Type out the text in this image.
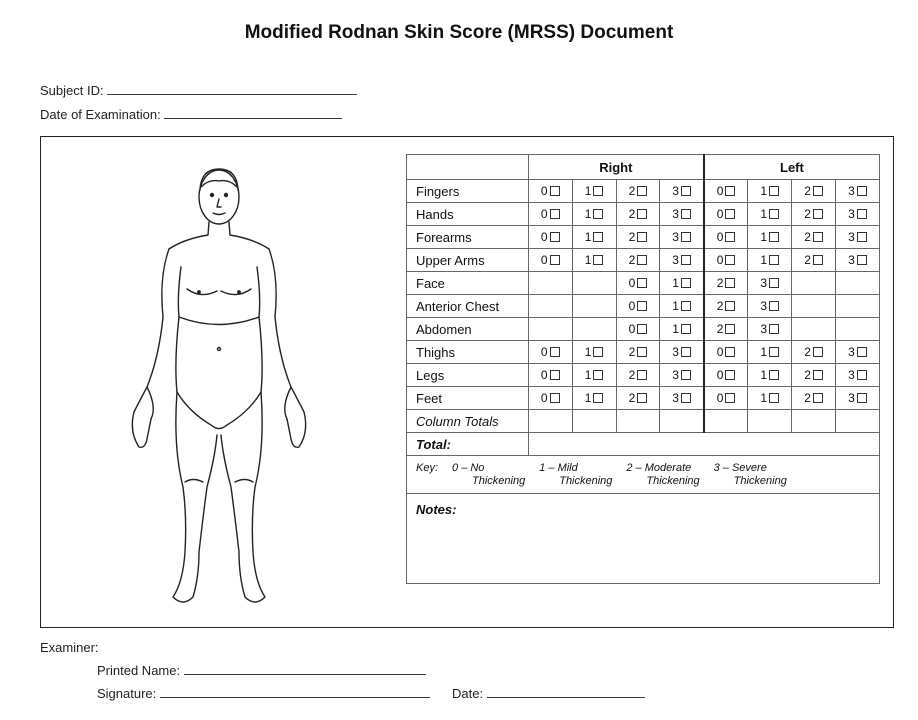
Modified Rodnan Skin Score (MRSS) Document
Subject ID:
Date of Examination:
	Right				Left			
Fingers	0	1	2	3	0	1	2	3
Hands	0	1	2	3	0	1	2	3
Forearms	0	1	2	3	0	1	2	3
Upper Arms	0	1	2	3	0	1	2	3
Face			0	1	2	3		
Anterior Chest			0	1	2	3		
Abdomen			0	1	2	3		
Thighs	0	1	2	3	0	1	2	3
Legs	0	1	2	3	0	1	2	3
Feet	0	1	2	3	0	1	2	3
Column Totals								
Total:								
Key: 0 – No
Thickening1 – Mild
Thickening2 – Moderate
Thickening3 – Severe
Thickening								
Notes:								
Examiner:
Printed Name:
Signature:	Date:
